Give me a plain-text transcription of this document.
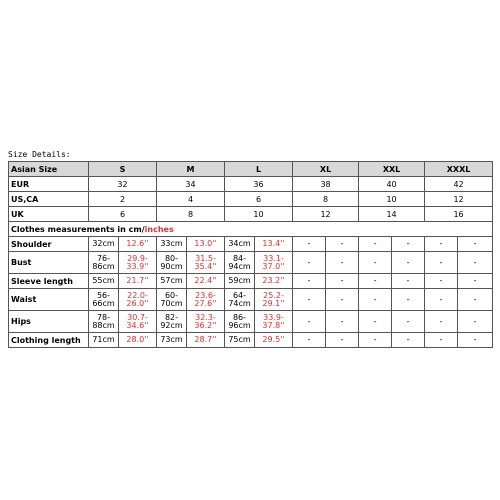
Size Details:
Asian Size	S		M		L		XL		XXL		XXXL	
EUR	32		34		36		38		40		42	
US,CA	2		4		6		8		10		12	
UK	6		8		10		12		14		16	
Clothes measurements in cm/inches												
Shoulder	32cm	12.6''	33cm	13.0''	34cm	13.4''	-	-	-	-	-	-
Bust	76-86cm	29.9-33.9''	80-90cm	31.5-35.4''	84-94cm	33.1-37.0''	-	-	-	-	-	-
Sleeve length	55cm	21.7''	57cm	22.4''	59cm	23.2''	-	-	-	-	-	-
Waist	56-66cm	22.0-26.0''	60-70cm	23.6-27.6''	64-74cm	25.2-29.1''	-	-	-	-	-	-
Hips	78-88cm	30.7-34.6''	82-92cm	32.3-36.2''	86-96cm	33.9-37.8''	-	-	-	-	-	-
Clothing length	71cm	28.0''	73cm	28.7''	75cm	29.5''	-	-	-	-	-	-
